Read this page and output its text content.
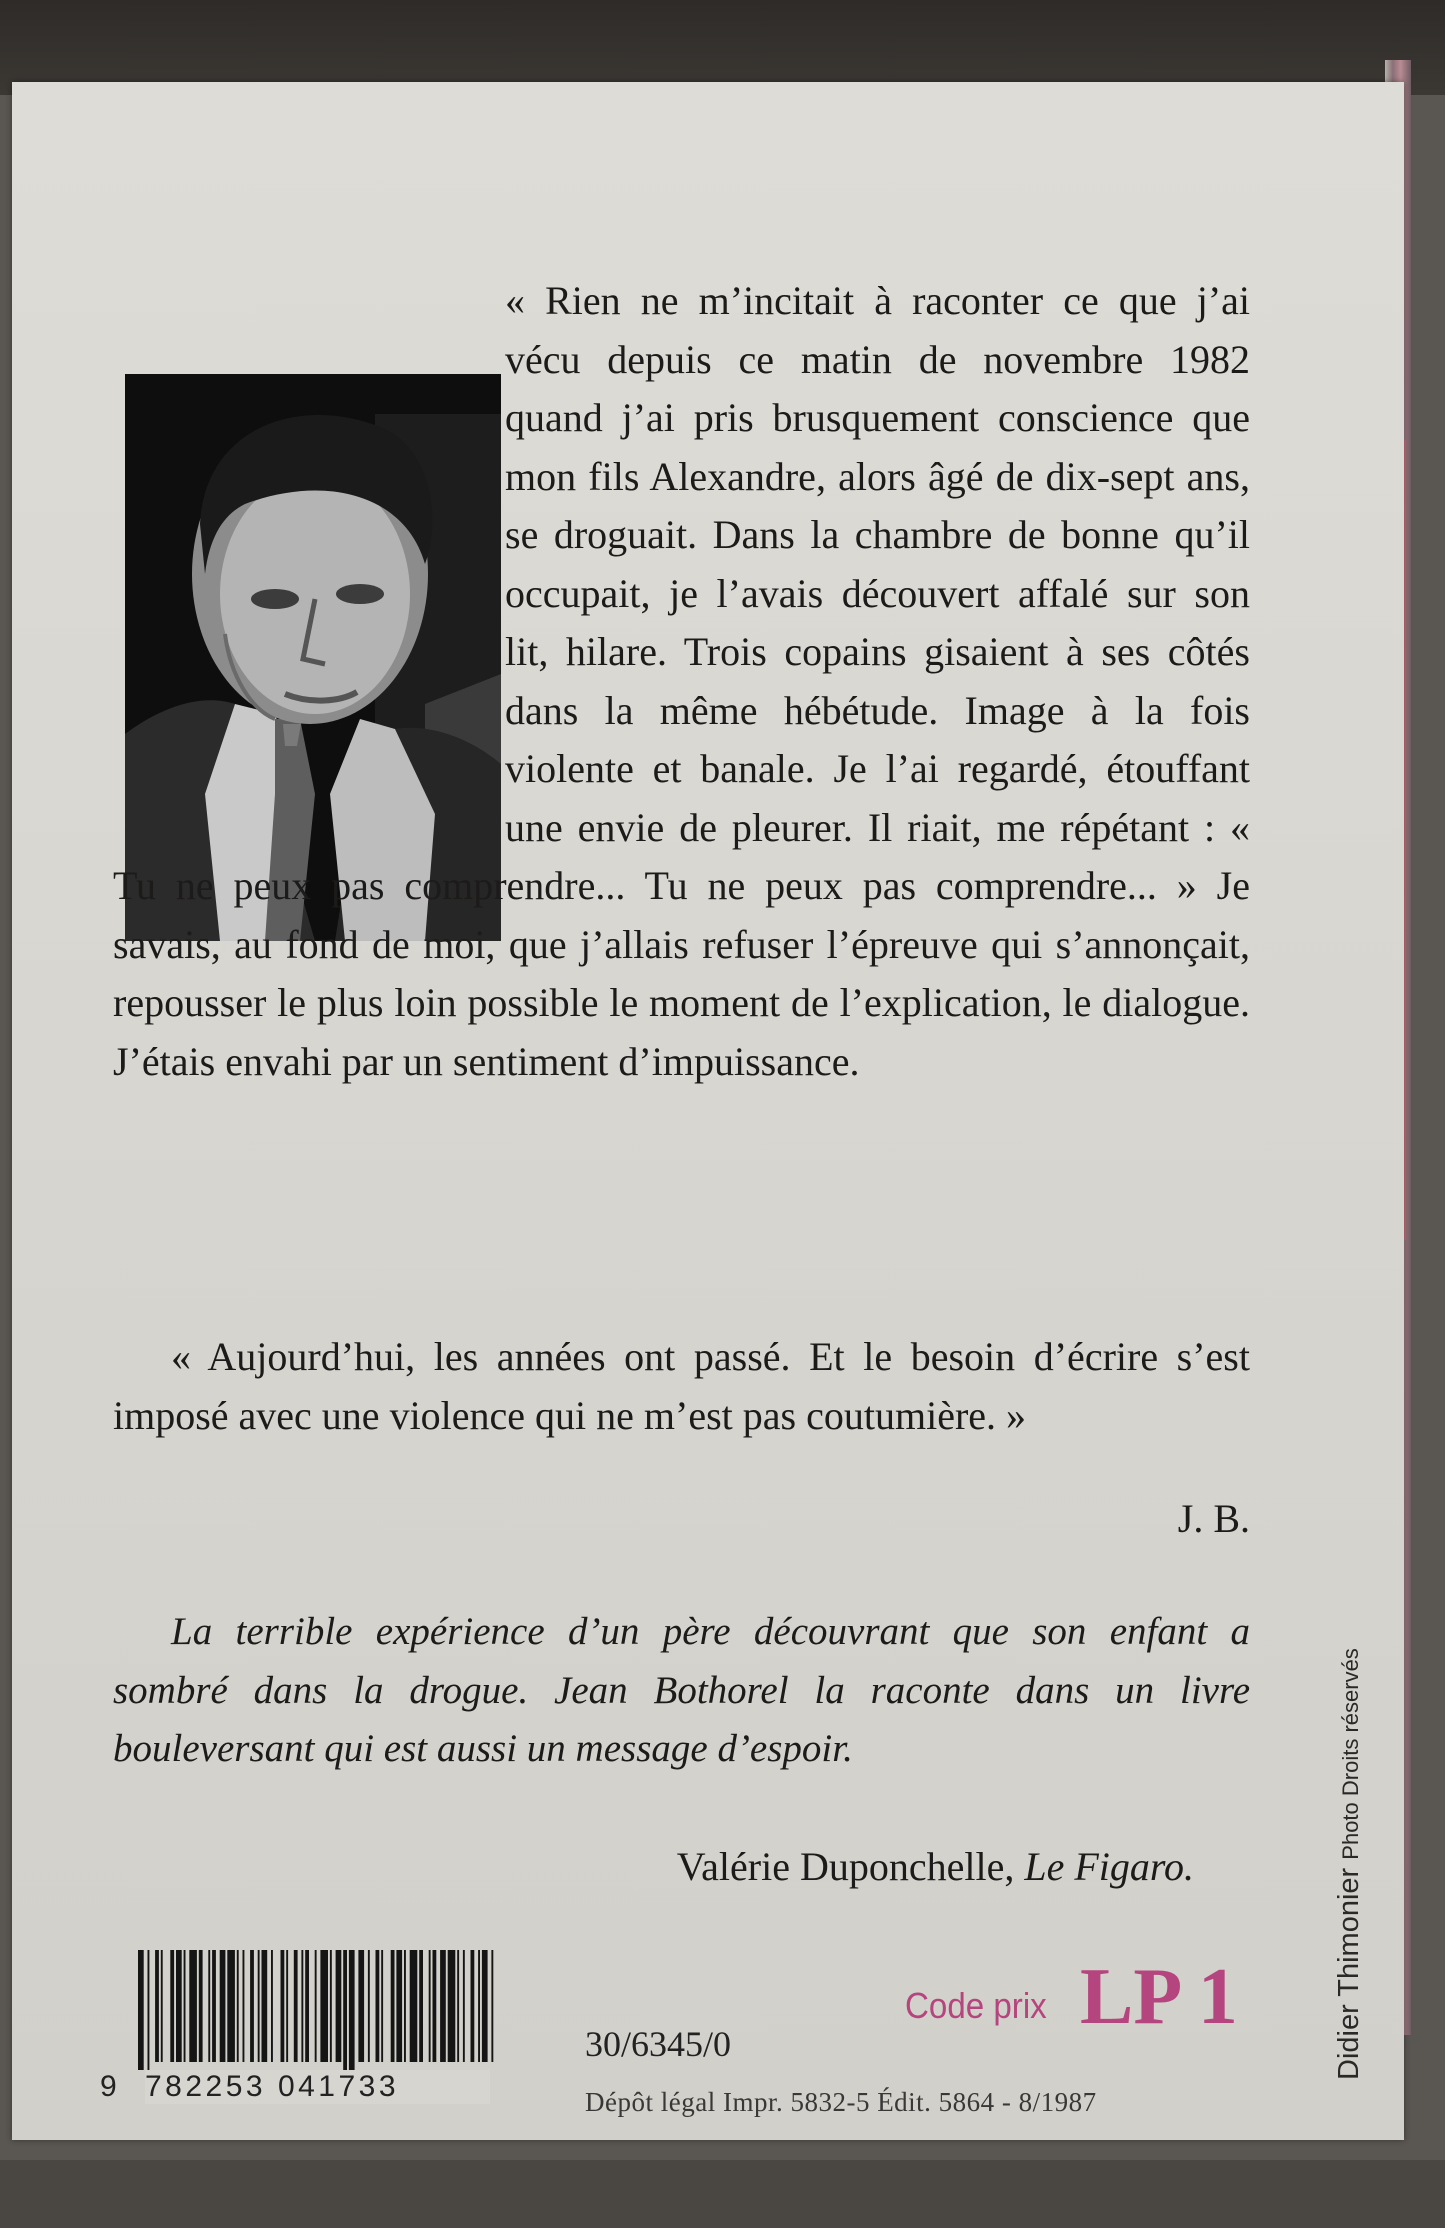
« Rien ne m’incitait à raconter ce que j’ai vécu depuis ce matin de novembre 1982 quand j’ai pris brusquement conscience que mon fils Alexandre, alors âgé de dix-sept ans, se droguait. Dans la chambre de bonne qu’il occupait, je l’avais découvert affalé sur son lit, hilare. Trois copains gisaient à ses côtés dans la même hébétude. Image à la fois violente et banale. Je l’ai regardé, étouffant une envie de pleurer. Il riait, me répétant : « Tu ne peux pas comprendre... Tu ne peux pas comprendre... » Je savais, au fond de moi, que j’allais refuser l’épreuve qui s’annonçait, repousser le plus loin possible le moment de l’explication, le dialogue. J’étais envahi par un sentiment d’impuissance.
« Aujourd’hui, les années ont passé. Et le besoin d’écrire s’est imposé avec une violence qui ne m’est pas coutumière. »
J. B.
La terrible expérience d’un père découvrant que son enfant a sombré dans la drogue. Jean Bothorel la raconte dans un livre bouleversant qui est aussi un message d’espoir.
Valérie Duponchelle, Le Figaro.
9 782253 041733
30/6345/0
Dépôt légal Impr. 5832-5 Édit. 5864 - 8/1987
Code prix LP 1	Didier Thimonier Photo Droits réservés
